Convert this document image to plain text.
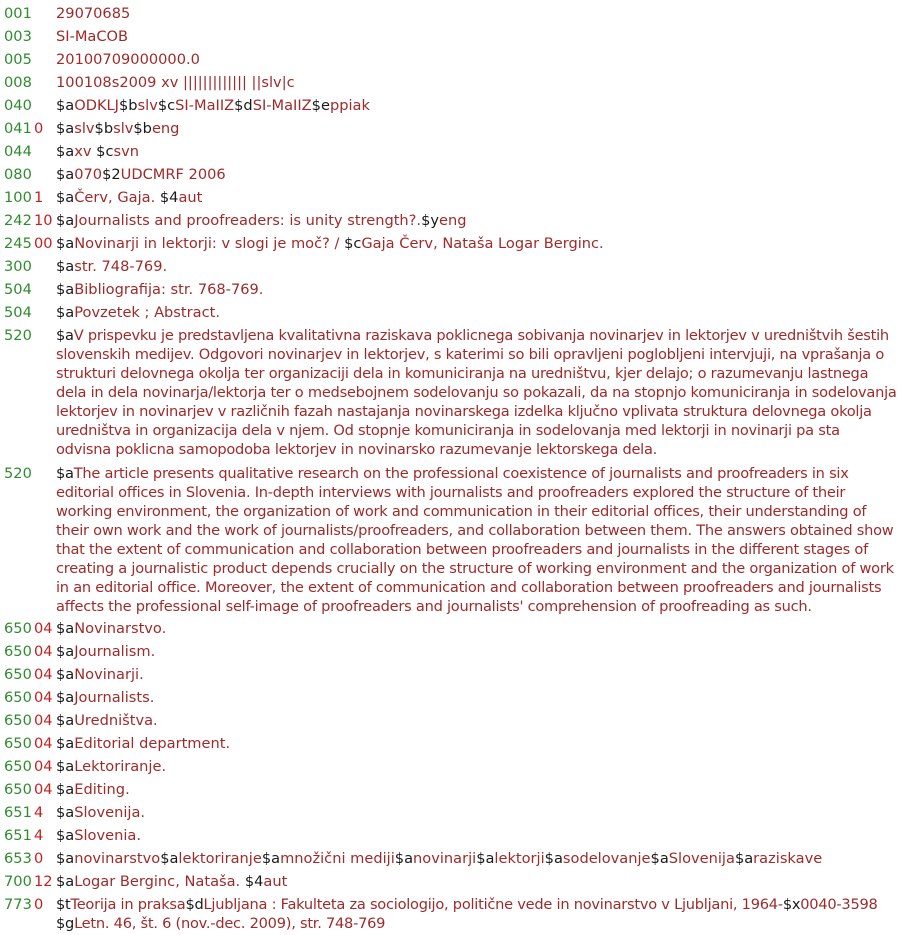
001 29070685
003 SI-MaCOB
005 20100709000000.0
008 100108s2009 xv ||||||||||||| ||slv|c
040 $aODKLJ$bslv$cSI-MaIIZ$dSI-MaIIZ$eppiak
041 0 $aslv$bslv$beng
044 $axv $csvn
080 $a070$2UDCMRF 2006
100 1 $aČerv, Gaja. $4aut
242 10 $aJournalists and proofreaders: is unity strength?.$yeng
245 00 $aNovinarji in lektorji: v slogi je moč? / $cGaja Červ, Nataša Logar Berginc.
300 $astr. 748-769.
504 $aBibliografija: str. 768-769.
504 $aPovzetek ; Abstract.
520 $aV prispevku je predstavljena kvalitativna raziskava poklicnega sobivanja novinarjev in lektorjev v uredništvih šestih slovenskih medijev. Odgovori novinarjev in lektorjev, s katerimi so bili opravljeni poglobljeni intervjuji, na vprašanja o strukturi delovnega okolja ter organizaciji dela in komuniciranja na uredništvu, kjer delajo; o razumevanju lastnega dela in dela novinarja/lektorja ter o medsebojnem sodelovanju so pokazali, da na stopnjo komuniciranja in sodelovanja lektorjev in novinarjev v različnih fazah nastajanja novinarskega izdelka ključno vplivata struktura delovnega okolja uredništva in organizacija dela v njem. Od stopnje komuniciranja in sodelovanja med lektorji in novinarji pa sta odvisna poklicna samopodoba lektorjev in novinarsko razumevanje lektorskega dela.
520 $aThe article presents qualitative research on the professional coexistence of journalists and proofreaders in six editorial offices in Slovenia. In-depth interviews with journalists and proofreaders explored the structure of their working environment, the organization of work and communication in their editorial offices, their understanding of their own work and the work of journalists/proofreaders, and collaboration between them. The answers obtained show that the extent of communication and collaboration between proofreaders and journalists in the different stages of creating a journalistic product depends crucially on the structure of working environment and the organization of work in an editorial office. Moreover, the extent of communication and collaboration between proofreaders and journalists affects the professional self-image of proofreaders and journalists' comprehension of proofreading as such.
650 04 $aNovinarstvo.
650 04 $aJournalism.
650 04 $aNovinarji.
650 04 $aJournalists.
650 04 $aUredništva.
650 04 $aEditorial department.
650 04 $aLektoriranje.
650 04 $aEditing.
651 4 $aSlovenija.
651 4 $aSlovenia.
653 0 $anovinarstvo$alektoriranje$amnožični mediji$anovinarji$alektorji$asodelovanje$aSlovenija$araziskave
700 12 $aLogar Berginc, Nataša. $4aut
773 0 $tTeorija in praksa$dLjubljana : Fakulteta za sociologijo, politične vede in novinarstvo v Ljubljani, 1964-$x0040-3598 $gLetn. 46, št. 6 (nov.-dec. 2009), str. 748-769
